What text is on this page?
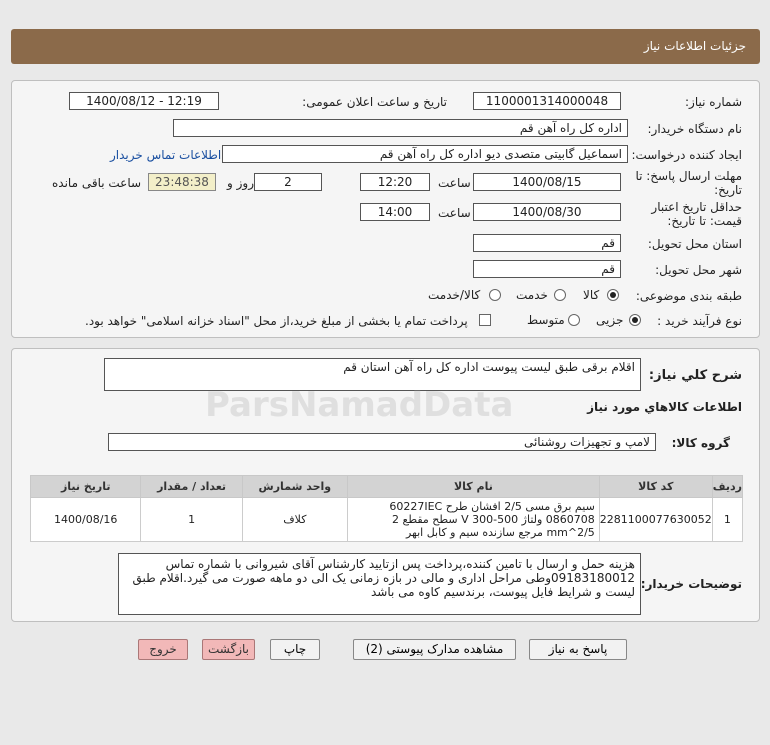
جزئیات اطلاعات نیاز
شماره نیاز:
1100001314000048
تاریخ و ساعت اعلان عمومی:
1400/08/12 - 12:19
نام دستگاه خریدار:
اداره کل راه آهن قم
ایجاد کننده درخواست:
اسماعیل گابیتی متصدی دیو اداره کل راه آهن قم
اطلاعات تماس خریدار
مهلت ارسال پاسخ: تا
تاریخ:
1400/08/15
ساعت
12:20
2
روز و
23:48:38
ساعت باقی مانده
حداقل تاریخ اعتبار
قیمت: تا تاریخ:
1400/08/30
ساعت
14:00
استان محل تحویل:
قم
شهر محل تحویل:
قم
طبقه بندی موضوعی:
کالا
خدمت
کالا/خدمت
نوع فرآیند خرید :
جزیی
متوسط
پرداخت تمام یا بخشی از مبلغ خرید،از محل "اسناد خزانه اسلامی" خواهد بود.
شرح کلي نیاز:
اقلام برقی طبق لیست پیوست اداره کل راه آهن استان قم
ParsNamadData	اطلاعات کالاهاي مورد نیاز
گروه کالا:
لامپ و تجهیزات روشنائی
ردیف	کد کالا	نام کالا	واحد شمارش	تعداد / مقدار	تاریخ نیاز
1	2281100077630052	سیم برق مسی 2/5 افشان طرح 60227IEC 0860708 ولتاژ 500-300 V سطح مقطع 2 2/5^mm مرجع سازنده سیم و کابل ابهر	کلاف	1	1400/08/16
توضیحات خریدار:
هزینه حمل و ارسال با تامین کننده،پرداخت پس ازتایید کارشناس آقای شیروانی با شماره تماس 09183180012وطی مراحل اداری و مالی در بازه زمانی یک الی دو ماهه صورت می گیرد.اقلام طبق لیست و شرایط فایل پیوست، برندسیم کاوه می باشد
پاسخ به نیاز
مشاهده مدارک پیوستی (2)
چاپ
بازگشت
خروج
